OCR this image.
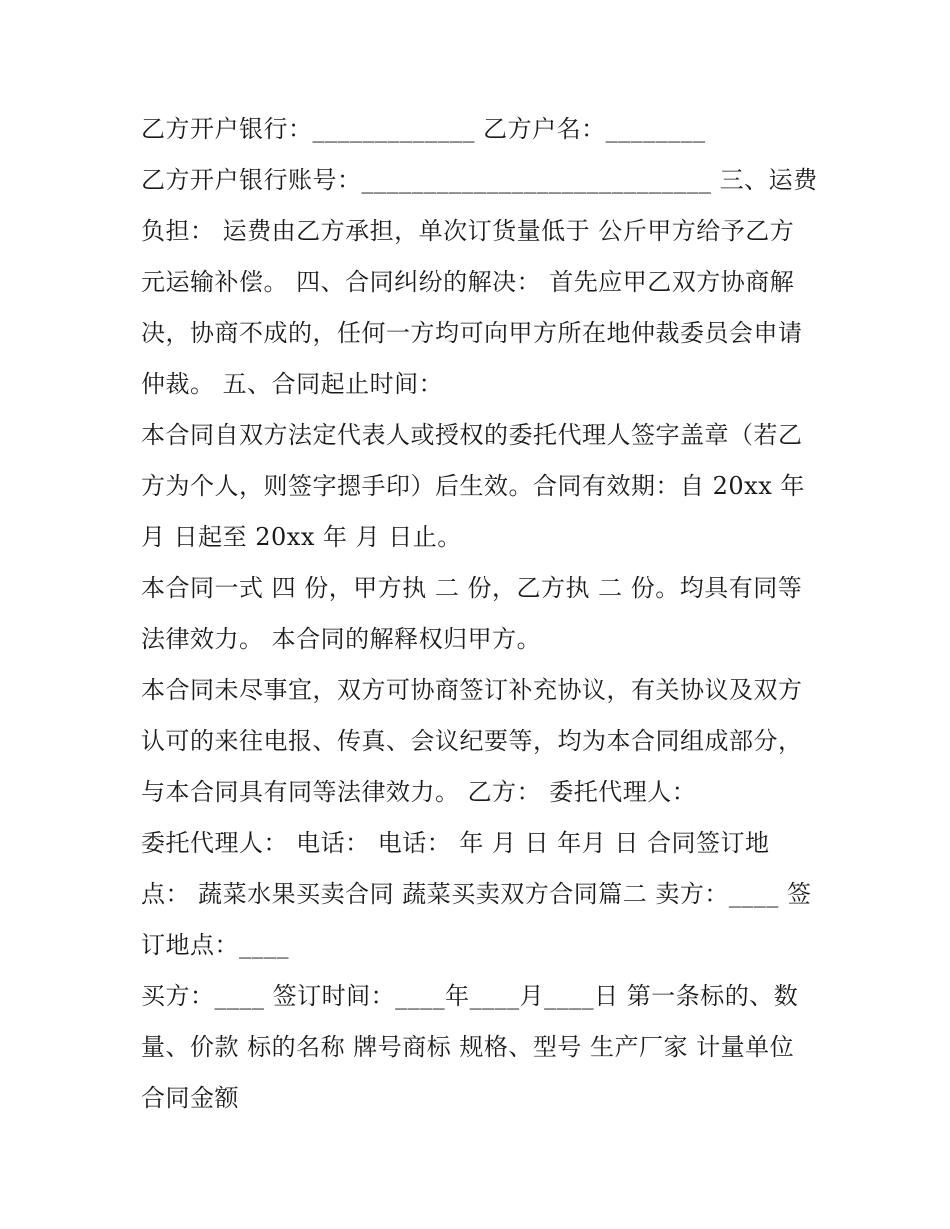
乙方开户银行：_____________ 乙方户名：________
乙方开户银行账号：____________________________ 三、运费
负担： 运费由乙方承担，单次订货量低于 公斤甲方给予乙方
元运输补偿。 四、合同纠纷的解决： 首先应甲乙双方协商解
决，协商不成的，任何一方均可向甲方所在地仲裁委员会申请
仲裁。 五、合同起止时间：
本合同自双方法定代表人或授权的委托代理人签字盖章（若乙
方为个人，则签字摁手印）后生效。合同有效期：自 20xx 年
月 日起至 20xx 年 月 日止。
本合同一式 四 份，甲方执 二 份，乙方执 二 份。均具有同等
法律效力。 本合同的解释权归甲方。
本合同未尽事宜，双方可协商签订补充协议，有关协议及双方
认可的来往电报、传真、会议纪要等，均为本合同组成部分，
与本合同具有同等法律效力。 乙方： 委托代理人：
委托代理人： 电话： 电话： 年 月 日 年月 日 合同签订地
点： 蔬菜水果买卖合同 蔬菜买卖双方合同篇二 卖方：____ 签
订地点：____
买方：____ 签订时间：____年____月____日 第一条标的、数
量、价款 标的名称 牌号商标 规格、型号 生产厂家 计量单位
合同金额
